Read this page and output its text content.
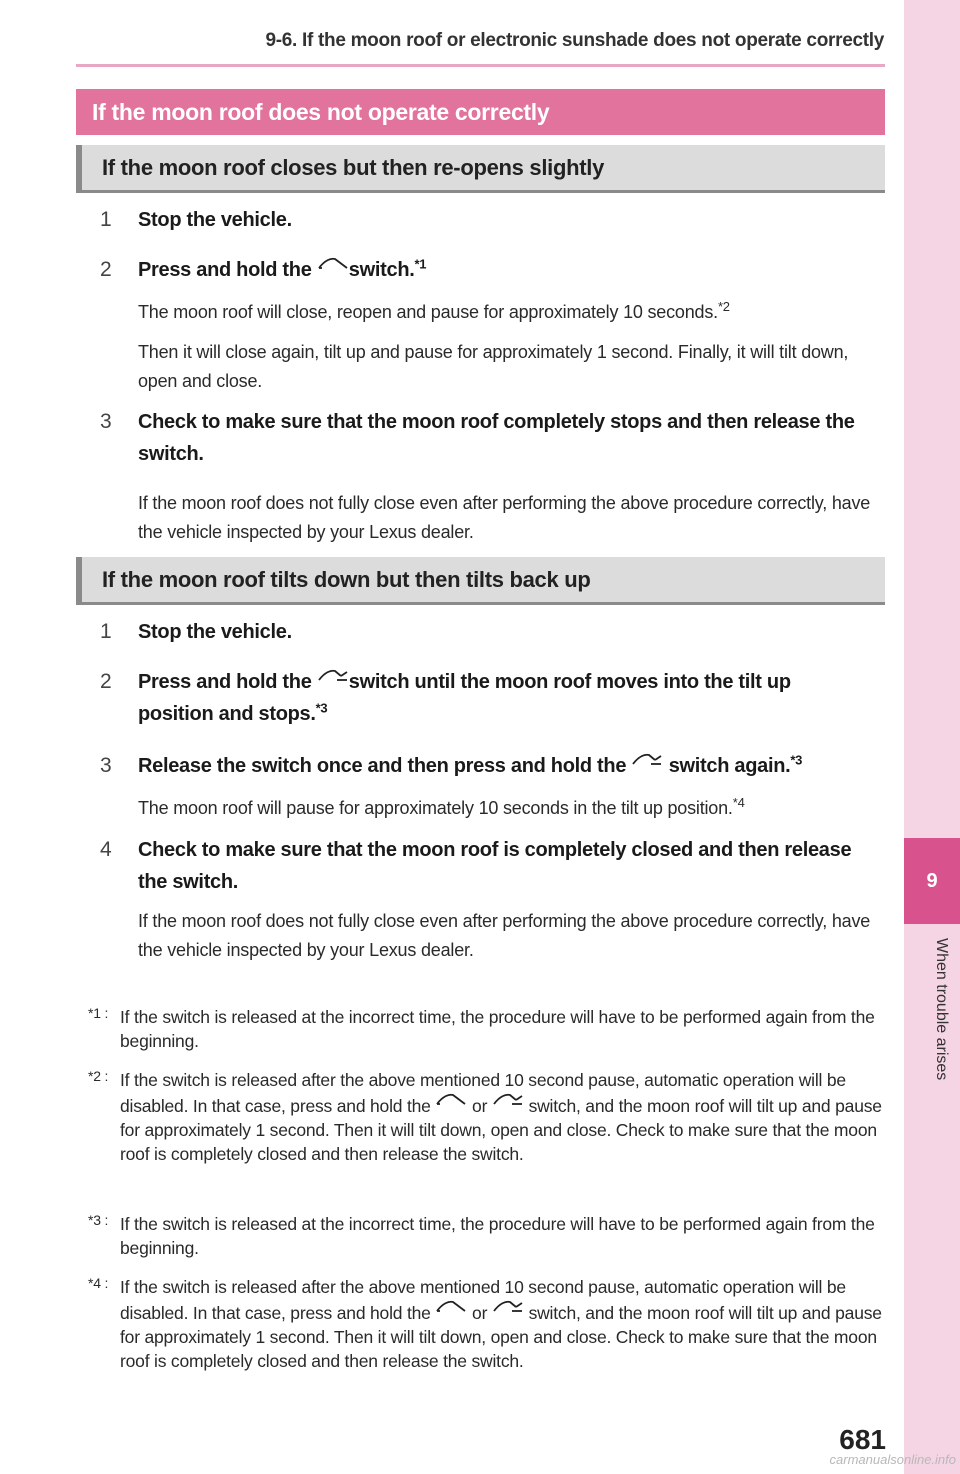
9-6. If the moon roof or electronic sunshade does not operate correctly
9
When trouble arises
If the moon roof does not operate correctly
If the moon roof closes but then re-opens slightly
1 Stop the vehicle.
2 Press and hold the switch.$^{*1}$
The moon roof will close, reopen and pause for approximately 10 seconds.$^{*2}$
Then it will close again, tilt up and pause for approximately 1 second. Finally, it will tilt down, open and close.
3 Check to make sure that the moon roof completely stops and then release the switch.
If the moon roof does not fully close even after performing the above procedure correctly, have the vehicle inspected by your Lexus dealer.
If the moon roof tilts down but then tilts back up
1 Stop the vehicle.
2 Press and hold the switch until the moon roof moves into the tilt up position and stops.$^{*3}$
3 Release the switch once and then press and hold the switch again.$^{*3}$
The moon roof will pause for approximately 10 seconds in the tilt up position.$^{*4}$
4 Check to make sure that the moon roof is completely closed and then release the switch.
If the moon roof does not fully close even after performing the above procedure correctly, have the vehicle inspected by your Lexus dealer.
*1 : If the switch is released at the incorrect time, the procedure will have to be performed again from the beginning.
*2 : If the switch is released after the above mentioned 10 second pause, automatic operation will be disabled. In that case, press and hold the or switch, and the moon roof will tilt up and pause for approximately 1 second. Then it will tilt down, open and close. Check to make sure that the moon roof is completely closed and then release the switch.
*3 : If the switch is released at the incorrect time, the procedure will have to be performed again from the beginning.
*4 : If the switch is released after the above mentioned 10 second pause, automatic operation will be disabled. In that case, press and hold the or switch, and the moon roof will tilt up and pause for approximately 1 second. Then it will tilt down, open and close. Check to make sure that the moon roof is completely closed and then release the switch.
681
carmanualsonline.info
